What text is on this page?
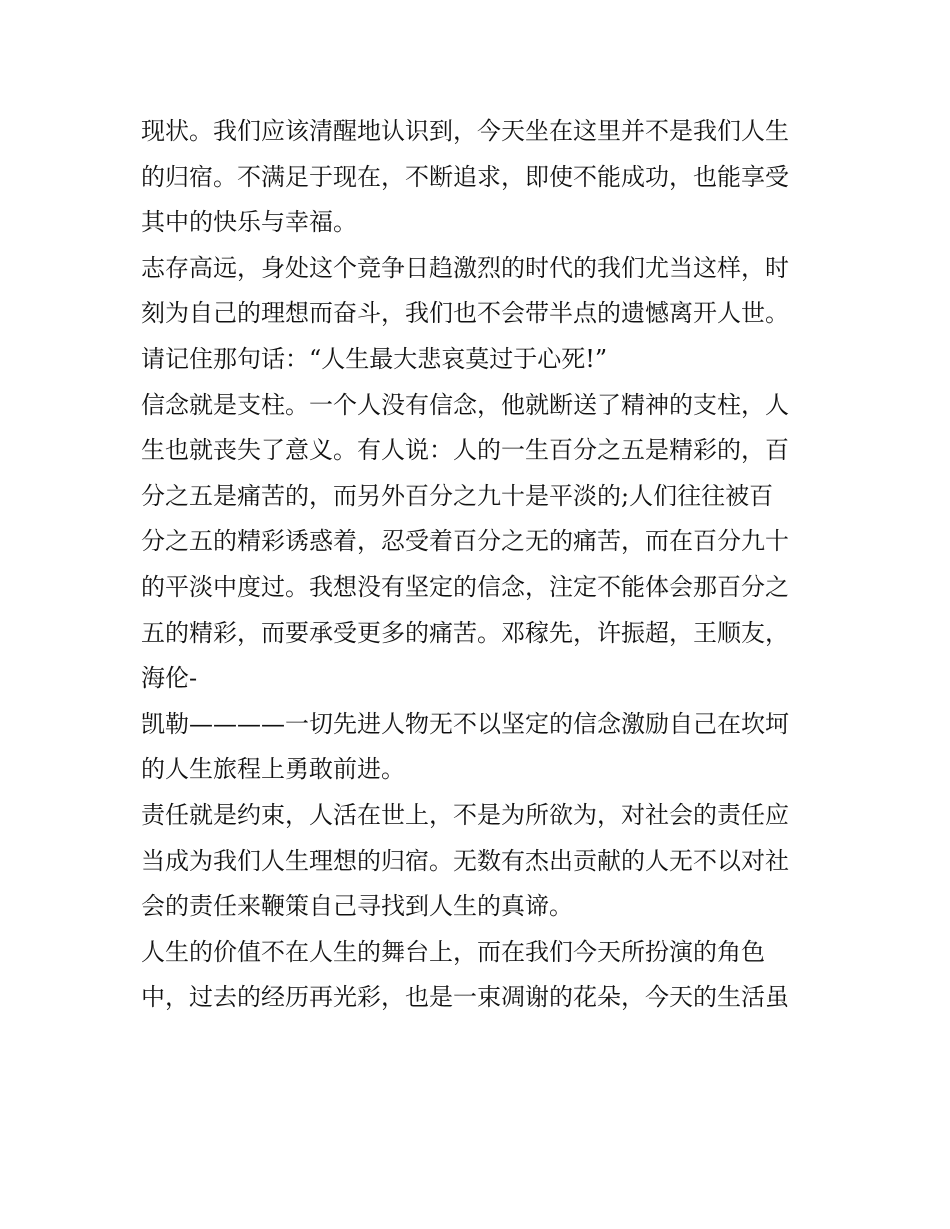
现状。我们应该清醒地认识到，今天坐在这里并不是我们人生
的归宿。不满足于现在，不断追求，即使不能成功，也能享受
其中的快乐与幸福。
志存高远，身处这个竞争日趋激烈的时代的我们尤当这样，时
刻为自己的理想而奋斗，我们也不会带半点的遗憾离开人世。
请记住那句话：“人生最大悲哀莫过于心死!”
信念就是支柱。一个人没有信念，他就断送了精神的支柱，人
生也就丧失了意义。有人说：人的一生百分之五是精彩的，百
分之五是痛苦的，而另外百分之九十是平淡的;人们往往被百
分之五的精彩诱惑着，忍受着百分之无的痛苦，而在百分九十
的平淡中度过。我想没有坚定的信念，注定不能体会那百分之
五的精彩，而要承受更多的痛苦。邓稼先，许振超，王顺友，
海伦-
凯勒————一切先进人物无不以坚定的信念激励自己在坎坷
的人生旅程上勇敢前进。
责任就是约束，人活在世上，不是为所欲为，对社会的责任应
当成为我们人生理想的归宿。无数有杰出贡献的人无不以对社
会的责任来鞭策自己寻找到人生的真谛。
人生的价值不在人生的舞台上，而在我们今天所扮演的角色
中，过去的经历再光彩，也是一束凋谢的花朵，今天的生活虽
